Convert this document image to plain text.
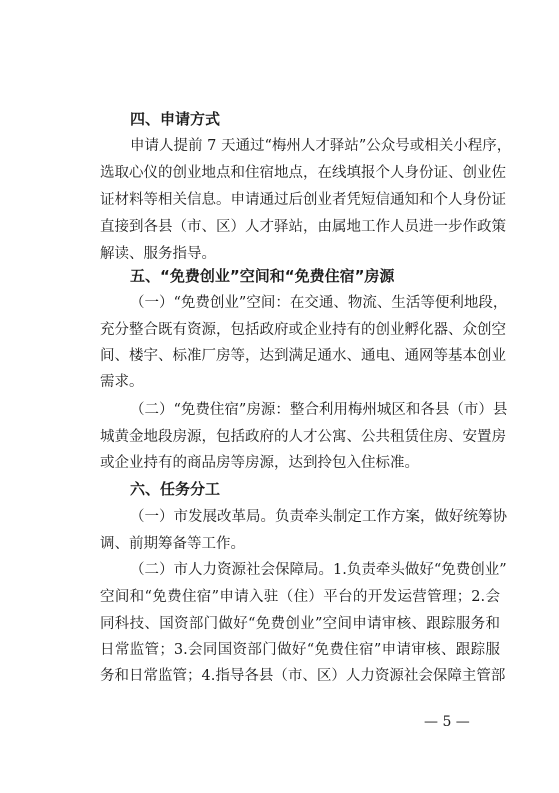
四、申请方式
申请人提前 7 天通过“梅州人才驿站”公众号或相关小程序，
选取心仪的创业地点和住宿地点，在线填报个人身份证、创业佐
证材料等相关信息。申请通过后创业者凭短信通知和个人身份证
直接到各县（市、区）人才驿站，由属地工作人员进一步作政策
解读、服务指导。
五、“免费创业”空间和“免费住宿”房源
（一）“免费创业”空间：在交通、物流、生活等便利地段，
充分整合既有资源，包括政府或企业持有的创业孵化器、众创空
间、楼宇、标准厂房等，达到满足通水、通电、通网等基本创业
需求。
（二）“免费住宿”房源：整合利用梅州城区和各县（市）县
城黄金地段房源，包括政府的人才公寓、公共租赁住房、安置房
或企业持有的商品房等房源，达到拎包入住标准。
六、任务分工
（一）市发展改革局。负责牵头制定工作方案，做好统筹协
调、前期筹备等工作。
（二）市人力资源社会保障局。1.负责牵头做好“免费创业”
空间和“免费住宿”申请入驻（住）平台的开发运营管理；2.会
同科技、国资部门做好“免费创业”空间申请审核、跟踪服务和
日常监管；3.会同国资部门做好“免费住宿”申请审核、跟踪服
务和日常监管；4.指导各县（市、区）人力资源社会保障主管部
— 5 —
